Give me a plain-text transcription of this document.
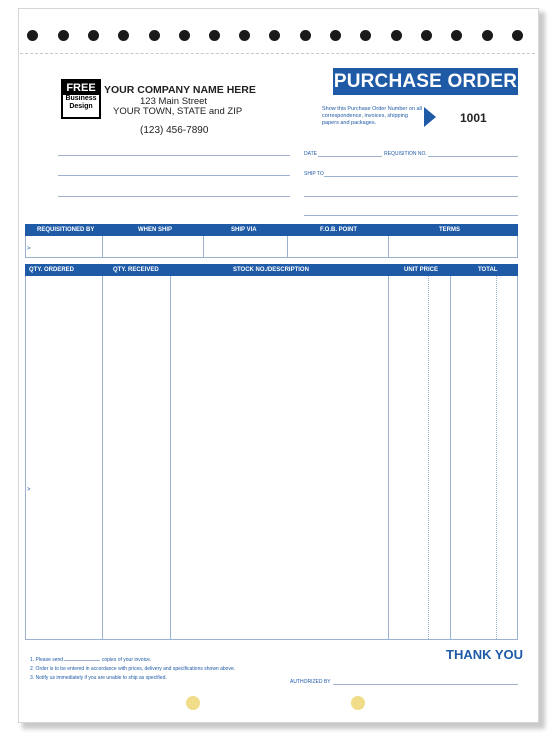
FREE
Business
Design
YOUR COMPANY NAME HERE
123 Main Street
YOUR TOWN, STATE and ZIP
(123) 456-7890
PURCHASE ORDER
Show this Purchase Order Number on all correspondence, invoices, shipping papers and packages.	1001
DATE	REQUISITION NO.
SHIP TO
REQUISITIONED BY	WHEN SHIP	SHIP VIA	F.O.B. POINT	TERMS
>
QTY. ORDERED	QTY. RECEIVED	STOCK NO./DESCRIPTION	UNIT PRICE	TOTAL
>
1. Please send	copies of your invoice.
2. Order is to be entered in accordance with prices, delivery and specifications shown above.
3. Notify us immediately if you are unable to ship as specified.
THANK YOU
AUTHORIZED BY
